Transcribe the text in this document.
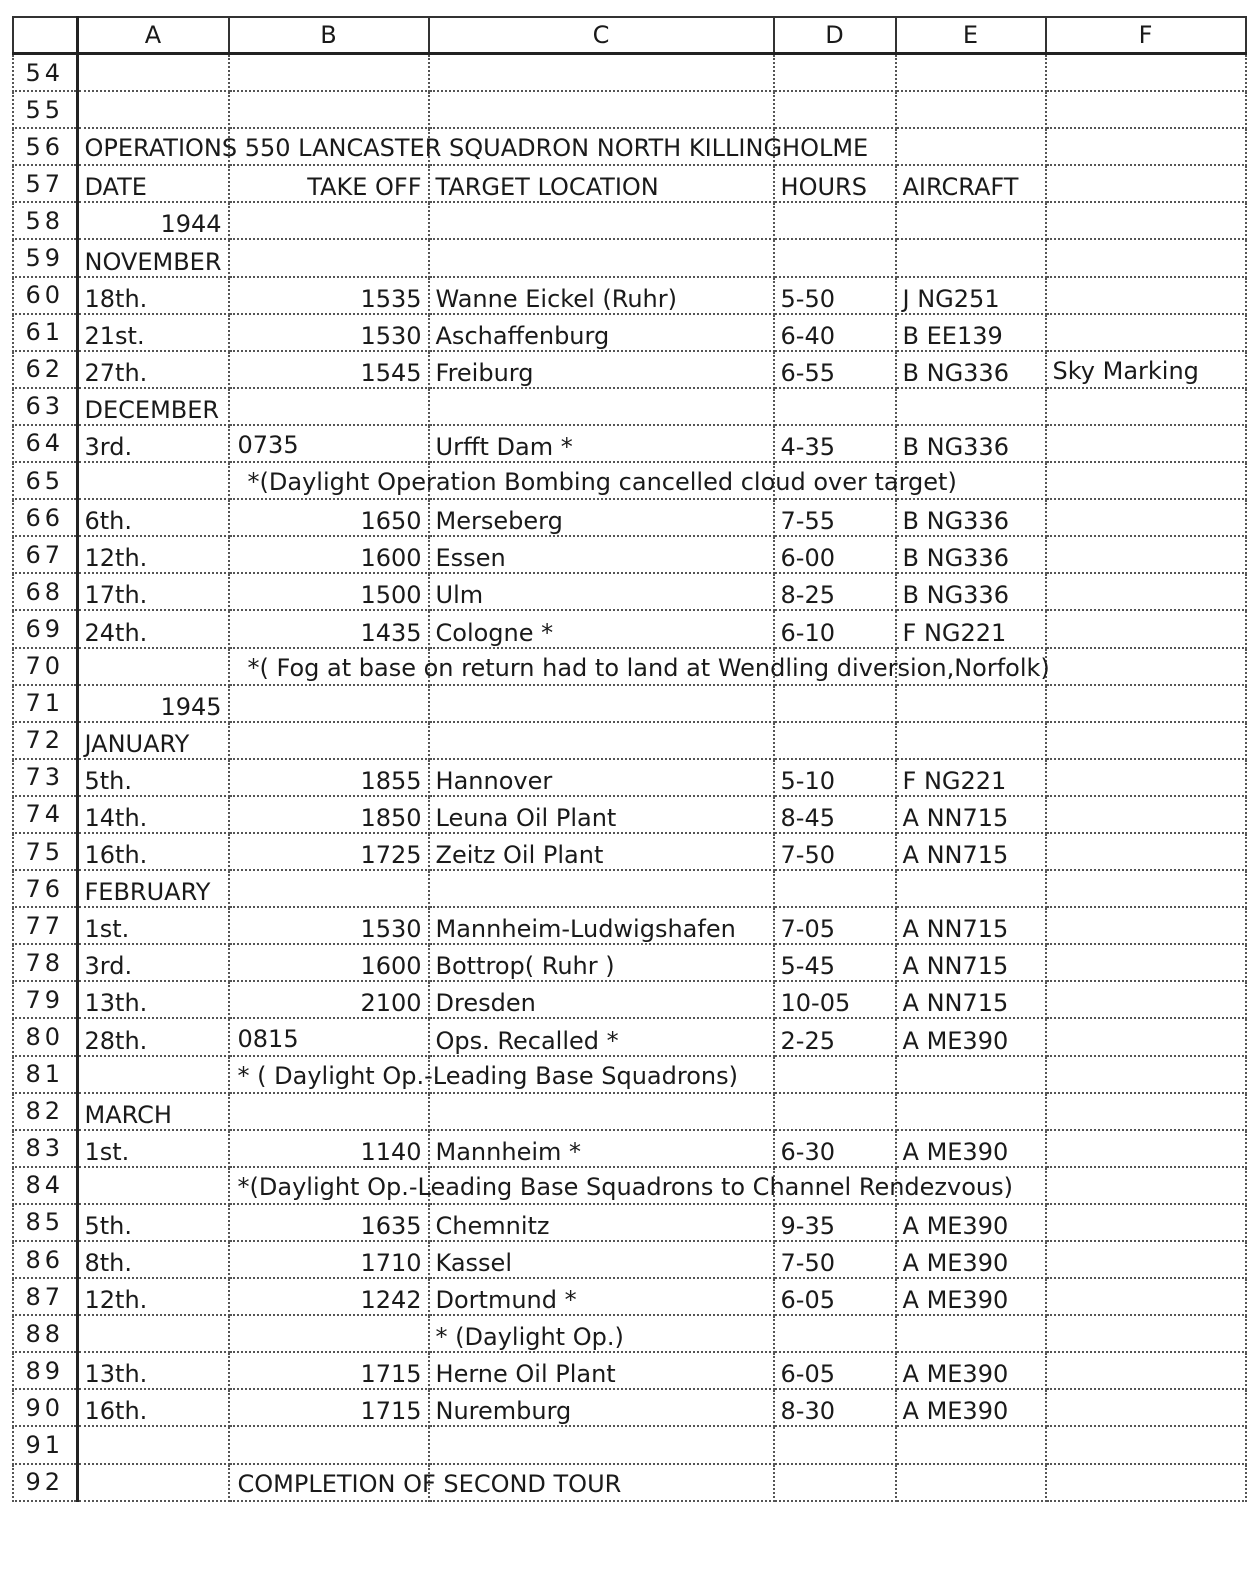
	A	B	C	D	E	F
54						
55						
56	OPERATIONS 550 LANCASTER SQUADRON NORTH KILLINGHOLME					

57	DATE	TAKE OFF	TARGET LOCATION	HOURS	AIRCRAFT	
58	1944					
59	NOVEMBER					
60	18th.	1535	Wanne Eickel (Ruhr)	5-50	J NG251	
61	21st.	1530	Aschaffenburg	6-40	B EE139	
62	27th.	1545	Freiburg	6-55	B NG336	Sky Marking

63	DECEMBER					
64	3rd.	0735	Urfft Dam *	4-35	B NG336	
65		*(Daylight Operation Bombing cancelled cloud over target)				

66	6th.	1650	Merseberg	7-55	B NG336	
67	12th.	1600	Essen	6-00	B NG336	
68	17th.	1500	Ulm	8-25	B NG336	
69	24th.	1435	Cologne *	6-10	F NG221	
70		*( Fog at base on return had to land at Wendling diversion,Norfolk)				

71	1945					
72	JANUARY					
73	5th.	1855	Hannover	5-10	F NG221	
74	14th.	1850	Leuna Oil Plant	8-45	A NN715	
75	16th.	1725	Zeitz Oil Plant	7-50	A NN715	
76	FEBRUARY					
77	1st.	1530	Mannheim-Ludwigshafen	7-05	A NN715	
78	3rd.	1600	Bottrop( Ruhr )	5-45	A NN715	
79	13th.	2100	Dresden	10-05	A NN715	
80	28th.	0815	Ops. Recalled *	2-25	A ME390	
81		* ( Daylight Op.-Leading Base Squadrons)				

82	MARCH					
83	1st.	1140	Mannheim *	6-30	A ME390	
84		*(Daylight Op.-Leading Base Squadrons to Channel Rendezvous)				

85	5th.	1635	Chemnitz	9-35	A ME390	
86	8th.	1710	Kassel	7-50	A ME390	
87	12th.	1242	Dortmund *	6-05	A ME390	
88			* (Daylight Op.)			
89	13th.	1715	Herne Oil Plant	6-05	A ME390	
90	16th.	1715	Nuremburg	8-30	A ME390	
91						
92		COMPLETION OF SECOND TOUR				
